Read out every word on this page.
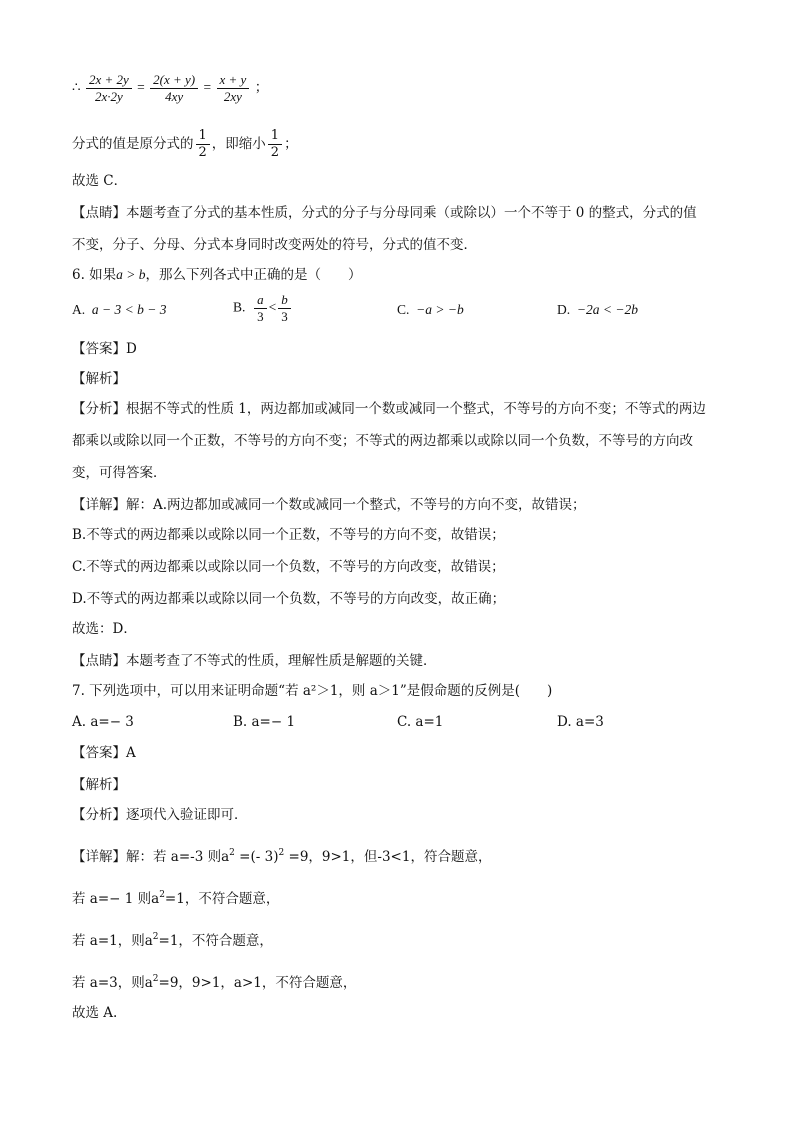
∴ $\frac{2x + 2y}{2x\cdot 2y} = \frac{2(x + y)}{4xy} = \frac{x + y}{2xy}$ ；
分式的值是原分式的 $\frac{1}{2}$ ，即缩小 $\frac{1}{2}$ ；
故选 C．
【点睛】本题考查了分式的基本性质，分式的分子与分母同乘（或除以）一个不等于 0 的整式，分式的值
不变，分子、分母、分式本身同时改变两处的符号，分式的值不变．
6. 如果a > b，那么下列各式中正确的是（　　）
A. a − 3 < b − 3	B. $\frac{a}{3} < \frac{b}{3}$	C. −a > −b	D. −2a < −2b
【答案】D
【解析】
【分析】根据不等式的性质 1，两边都加或减同一个数或减同一个整式，不等号的方向不变；不等式的两边
都乘以或除以同一个正数，不等号的方向不变；不等式的两边都乘以或除以同一个负数，不等号的方向改
变，可得答案．
【详解】解：A.两边都加或减同一个数或减同一个整式，不等号的方向不变，故错误；
B.不等式的两边都乘以或除以同一个正数，不等号的方向不变，故错误；
C.不等式的两边都乘以或除以同一个负数，不等号的方向改变，故错误；
D.不等式的两边都乘以或除以同一个负数，不等号的方向改变，故正确；
故选：D．
【点睛】本题考查了不等式的性质，理解性质是解题的关键．
7. 下列选项中，可以用来证明命题“若 a²＞1，则 a＞1”是假命题的反例是(　　)
A. a=− 3	B. a=− 1	C. a=1	D. a=3
【答案】A
【解析】
【分析】逐项代入验证即可．
【详解】解：若 a=-3 则$a^2$ =(- 3)$^2$ =9，9>1，但-3<1，符合题意，
若 a=− 1 则$a^2=1$，不符合题意，
若 a=1，则$a^2=1$，不符合题意，
若 a=3，则$a^2=9$，9>1，a>1，不符合题意，
故选 A.
